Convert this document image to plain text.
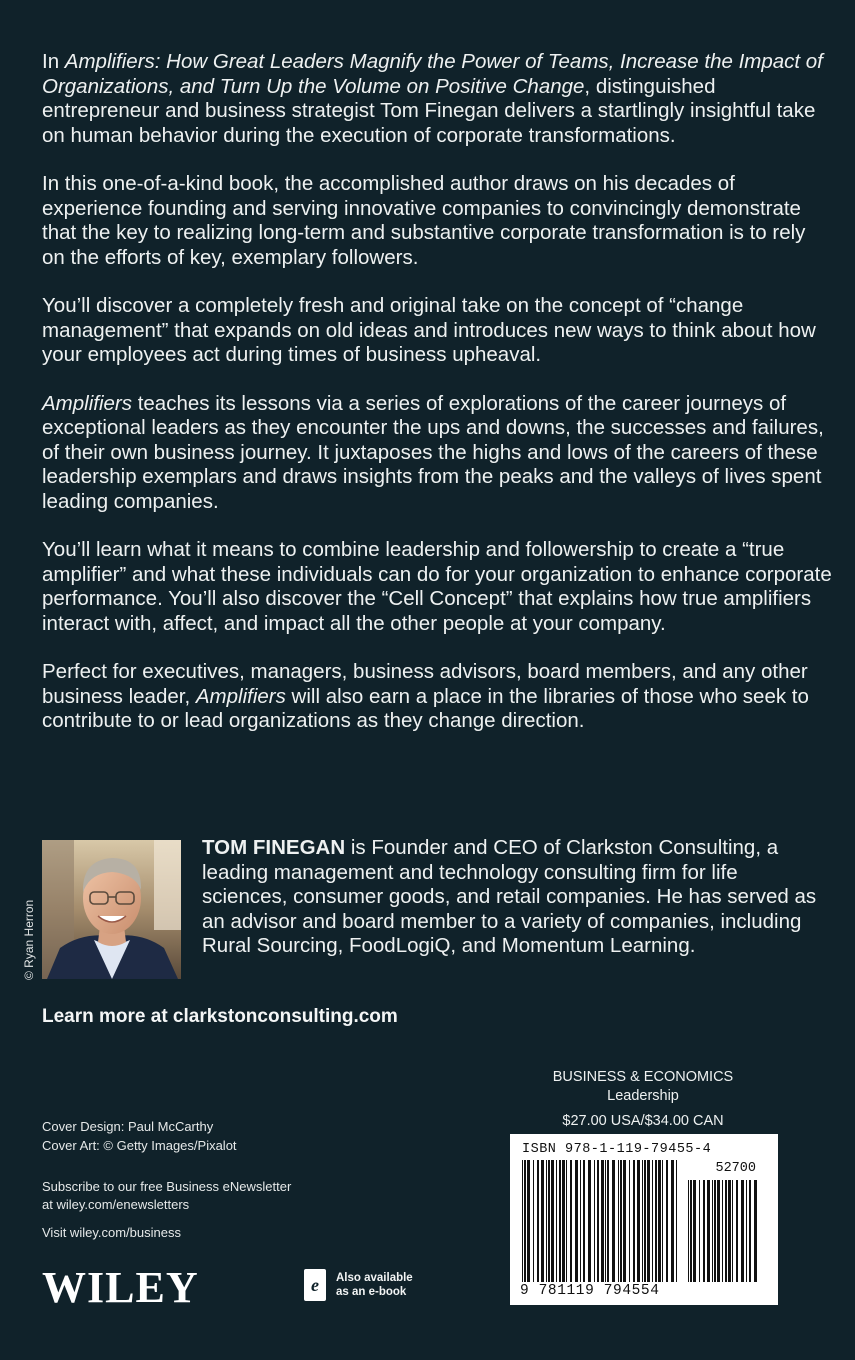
In Amplifiers: How Great Leaders Magnify the Power of Teams, Increase the Impact of Organizations, and Turn Up the Volume on Positive Change, distinguished entrepreneur and business strategist Tom Finegan delivers a startlingly insightful take on human behavior during the execution of corporate transformations.

In this one-of-a-kind book, the accomplished author draws on his decades of experience founding and serving innovative companies to convincingly demonstrate that the key to realizing long-term and substantive corporate transformation is to rely on the efforts of key, exemplary followers.

You’ll discover a completely fresh and original take on the concept of “change management” that expands on old ideas and introduces new ways to think about how your employees act during times of business upheaval.

Amplifiers teaches its lessons via a series of explorations of the career journeys of exceptional leaders as they encounter the ups and downs, the successes and failures, of their own business journey. It juxtaposes the highs and lows of the careers of these leadership exemplars and draws insights from the peaks and the valleys of lives spent leading companies.

You’ll learn what it means to combine leadership and followership to create a “true amplifier” and what these individuals can do for your organization to enhance corporate performance. You’ll also discover the “Cell Concept” that explains how true amplifiers interact with, affect, and impact all the other people at your company.

Perfect for executives, managers, business advisors, board members, and any other business leader, Amplifiers will also earn a place in the libraries of those who seek to contribute to or lead organizations as they change direction.

© Ryan Herron
TOM FINEGAN is Founder and CEO of Clarkston Consulting, a leading management and technology consulting firm for life sciences, consumer goods, and retail companies. He has served as an advisor and board member to a variety of companies, including Rural Sourcing, FoodLogiQ, and Momentum Learning.
Learn more at clarkstonconsulting.com
BUSINESS & ECONOMICS
Leadership
$27.00 USA/$34.00 CAN
Cover Design: Paul McCarthy
Cover Art: © Getty Images/Pixalot
Subscribe to our free Business eNewsletter
at wiley.com/enewsletters
Visit wiley.com/business
WILEY	e	Also available
as an e-book
ISBN 978-1-119-79455-4
52700
9 781119 794554
